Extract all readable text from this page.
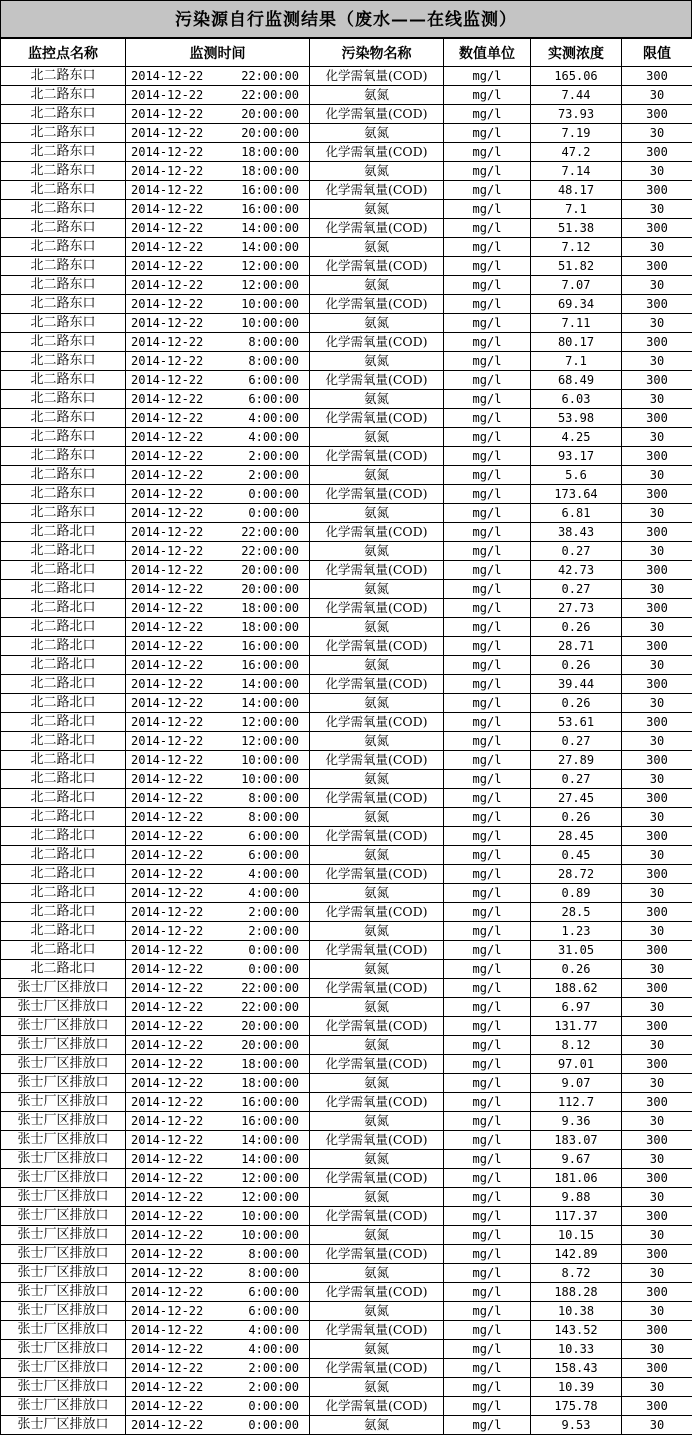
污染源自行监测结果（废水——在线监测）
监控点名称	监测时间	污染物名称	数值单位	实测浓度	限值
北二路东口	2014-12-22 22:00:00	化学需氧量(COD)	mg/l	165.06	300
北二路东口	2014-12-22 22:00:00	氨氮	mg/l	7.44	30
北二路东口	2014-12-22 20:00:00	化学需氧量(COD)	mg/l	73.93	300
北二路东口	2014-12-22 20:00:00	氨氮	mg/l	7.19	30
北二路东口	2014-12-22 18:00:00	化学需氧量(COD)	mg/l	47.2	300
北二路东口	2014-12-22 18:00:00	氨氮	mg/l	7.14	30
北二路东口	2014-12-22 16:00:00	化学需氧量(COD)	mg/l	48.17	300
北二路东口	2014-12-22 16:00:00	氨氮	mg/l	7.1	30
北二路东口	2014-12-22 14:00:00	化学需氧量(COD)	mg/l	51.38	300
北二路东口	2014-12-22 14:00:00	氨氮	mg/l	7.12	30
北二路东口	2014-12-22 12:00:00	化学需氧量(COD)	mg/l	51.82	300
北二路东口	2014-12-22 12:00:00	氨氮	mg/l	7.07	30
北二路东口	2014-12-22 10:00:00	化学需氧量(COD)	mg/l	69.34	300
北二路东口	2014-12-22 10:00:00	氨氮	mg/l	7.11	30
北二路东口	2014-12-22 8:00:00	化学需氧量(COD)	mg/l	80.17	300
北二路东口	2014-12-22 8:00:00	氨氮	mg/l	7.1	30
北二路东口	2014-12-22 6:00:00	化学需氧量(COD)	mg/l	68.49	300
北二路东口	2014-12-22 6:00:00	氨氮	mg/l	6.03	30
北二路东口	2014-12-22 4:00:00	化学需氧量(COD)	mg/l	53.98	300
北二路东口	2014-12-22 4:00:00	氨氮	mg/l	4.25	30
北二路东口	2014-12-22 2:00:00	化学需氧量(COD)	mg/l	93.17	300
北二路东口	2014-12-22 2:00:00	氨氮	mg/l	5.6	30
北二路东口	2014-12-22 0:00:00	化学需氧量(COD)	mg/l	173.64	300
北二路东口	2014-12-22 0:00:00	氨氮	mg/l	6.81	30
北二路北口	2014-12-22 22:00:00	化学需氧量(COD)	mg/l	38.43	300
北二路北口	2014-12-22 22:00:00	氨氮	mg/l	0.27	30
北二路北口	2014-12-22 20:00:00	化学需氧量(COD)	mg/l	42.73	300
北二路北口	2014-12-22 20:00:00	氨氮	mg/l	0.27	30
北二路北口	2014-12-22 18:00:00	化学需氧量(COD)	mg/l	27.73	300
北二路北口	2014-12-22 18:00:00	氨氮	mg/l	0.26	30
北二路北口	2014-12-22 16:00:00	化学需氧量(COD)	mg/l	28.71	300
北二路北口	2014-12-22 16:00:00	氨氮	mg/l	0.26	30
北二路北口	2014-12-22 14:00:00	化学需氧量(COD)	mg/l	39.44	300
北二路北口	2014-12-22 14:00:00	氨氮	mg/l	0.26	30
北二路北口	2014-12-22 12:00:00	化学需氧量(COD)	mg/l	53.61	300
北二路北口	2014-12-22 12:00:00	氨氮	mg/l	0.27	30
北二路北口	2014-12-22 10:00:00	化学需氧量(COD)	mg/l	27.89	300
北二路北口	2014-12-22 10:00:00	氨氮	mg/l	0.27	30
北二路北口	2014-12-22 8:00:00	化学需氧量(COD)	mg/l	27.45	300
北二路北口	2014-12-22 8:00:00	氨氮	mg/l	0.26	30
北二路北口	2014-12-22 6:00:00	化学需氧量(COD)	mg/l	28.45	300
北二路北口	2014-12-22 6:00:00	氨氮	mg/l	0.45	30
北二路北口	2014-12-22 4:00:00	化学需氧量(COD)	mg/l	28.72	300
北二路北口	2014-12-22 4:00:00	氨氮	mg/l	0.89	30
北二路北口	2014-12-22 2:00:00	化学需氧量(COD)	mg/l	28.5	300
北二路北口	2014-12-22 2:00:00	氨氮	mg/l	1.23	30
北二路北口	2014-12-22 0:00:00	化学需氧量(COD)	mg/l	31.05	300
北二路北口	2014-12-22 0:00:00	氨氮	mg/l	0.26	30
张士厂区排放口	2014-12-22 22:00:00	化学需氧量(COD)	mg/l	188.62	300
张士厂区排放口	2014-12-22 22:00:00	氨氮	mg/l	6.97	30
张士厂区排放口	2014-12-22 20:00:00	化学需氧量(COD)	mg/l	131.77	300
张士厂区排放口	2014-12-22 20:00:00	氨氮	mg/l	8.12	30
张士厂区排放口	2014-12-22 18:00:00	化学需氧量(COD)	mg/l	97.01	300
张士厂区排放口	2014-12-22 18:00:00	氨氮	mg/l	9.07	30
张士厂区排放口	2014-12-22 16:00:00	化学需氧量(COD)	mg/l	112.7	300
张士厂区排放口	2014-12-22 16:00:00	氨氮	mg/l	9.36	30
张士厂区排放口	2014-12-22 14:00:00	化学需氧量(COD)	mg/l	183.07	300
张士厂区排放口	2014-12-22 14:00:00	氨氮	mg/l	9.67	30
张士厂区排放口	2014-12-22 12:00:00	化学需氧量(COD)	mg/l	181.06	300
张士厂区排放口	2014-12-22 12:00:00	氨氮	mg/l	9.88	30
张士厂区排放口	2014-12-22 10:00:00	化学需氧量(COD)	mg/l	117.37	300
张士厂区排放口	2014-12-22 10:00:00	氨氮	mg/l	10.15	30
张士厂区排放口	2014-12-22 8:00:00	化学需氧量(COD)	mg/l	142.89	300
张士厂区排放口	2014-12-22 8:00:00	氨氮	mg/l	8.72	30
张士厂区排放口	2014-12-22 6:00:00	化学需氧量(COD)	mg/l	188.28	300
张士厂区排放口	2014-12-22 6:00:00	氨氮	mg/l	10.38	30
张士厂区排放口	2014-12-22 4:00:00	化学需氧量(COD)	mg/l	143.52	300
张士厂区排放口	2014-12-22 4:00:00	氨氮	mg/l	10.33	30
张士厂区排放口	2014-12-22 2:00:00	化学需氧量(COD)	mg/l	158.43	300
张士厂区排放口	2014-12-22 2:00:00	氨氮	mg/l	10.39	30
张士厂区排放口	2014-12-22 0:00:00	化学需氧量(COD)	mg/l	175.78	300
张士厂区排放口	2014-12-22 0:00:00	氨氮	mg/l	9.53	30
